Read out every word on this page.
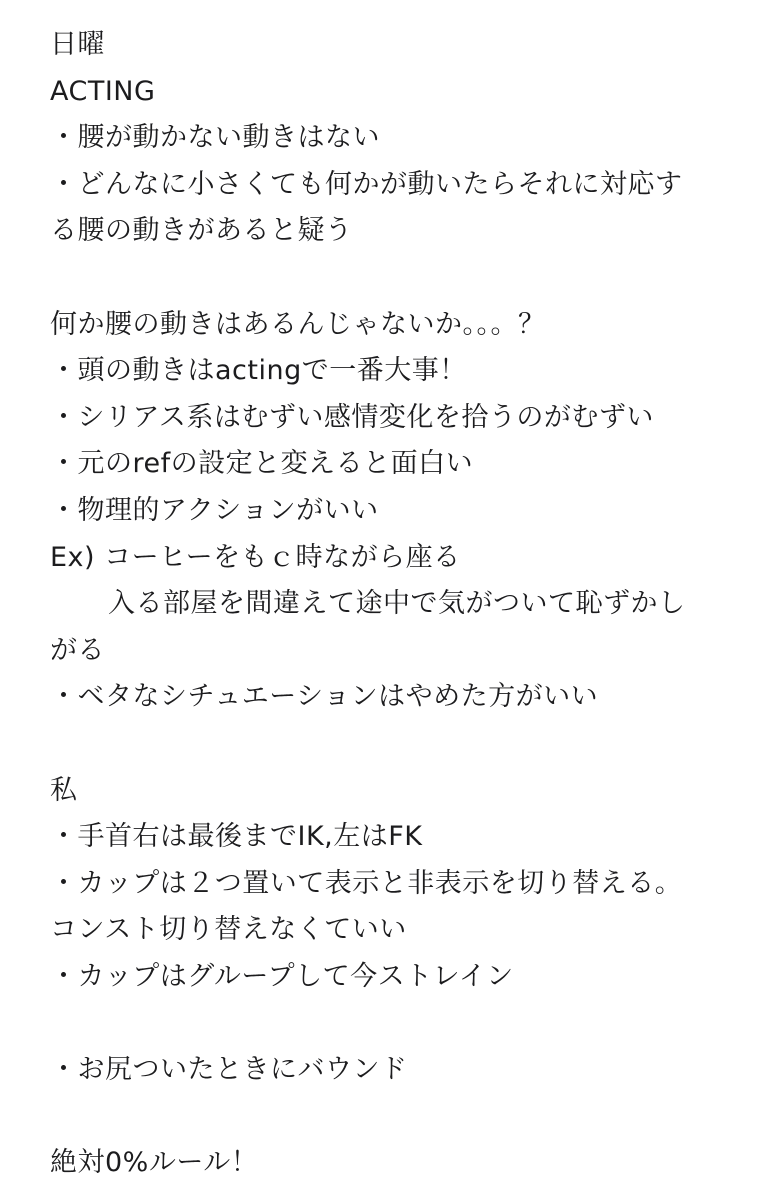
日曜
ACTING
・腰が動かない動きはない
・どんなに小さくても何かが動いたらそれに対応す
る腰の動きがあると疑う
何か腰の動きはあるんじゃないか。。。？
・頭の動きはactingで一番大事！
・シリアス系はむずい感情変化を拾うのがむずい
・元のrefの設定と変えると面白い
・物理的アクションがいい
Ex) コーヒーをもｃ時ながら座る
入る部屋を間違えて途中で気がついて恥ずかし
がる
・ベタなシチュエーションはやめた方がいい
私
・手首右は最後までIK,左はFK
・カップは２つ置いて表示と非表示を切り替える。
コンスト切り替えなくていい
・カップはグループして今ストレイン
・お尻ついたときにバウンド
絶対0%ルール！
